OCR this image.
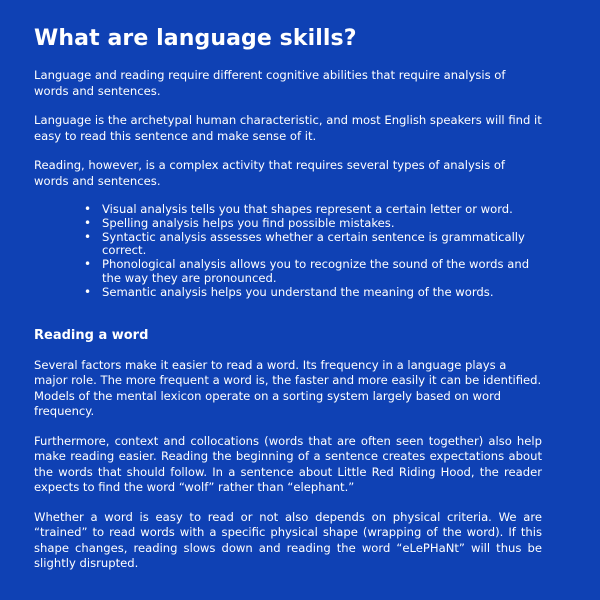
What are language skills?

Language and reading require different cognitive abilities that require analysis of words and sentences.

Language is the archetypal human characteristic, and most English speakers will find it easy to read this sentence and make sense of it.

Reading, however, is a complex activity that requires several types of analysis of words and sentences.

• Visual analysis tells you that shapes represent a certain letter or word.
• Spelling analysis helps you find possible mistakes.
• Syntactic analysis assesses whether a certain sentence is grammatically correct.
• Phonological analysis allows you to recognize the sound of the words and the way they are pronounced.
• Semantic analysis helps you understand the meaning of the words.
Reading a word

Several factors make it easier to read a word. Its frequency in a language plays a major role. The more frequent a word is, the faster and more easily it can be identified. Models of the mental lexicon operate on a sorting system largely based on word frequency.

Furthermore, context and collocations (words that are often seen together) also help make reading easier. Reading the beginning of a sentence creates expectations about the words that should follow. In a sentence about Little Red Riding Hood, the reader expects to find the word “wolf” rather than “elephant.”

Whether a word is easy to read or not also depends on physical criteria. We are “trained” to read words with a specific physical shape (wrapping of the word). If this shape changes, reading slows down and reading the word “eLePHaNt” will thus be slightly disrupted.
